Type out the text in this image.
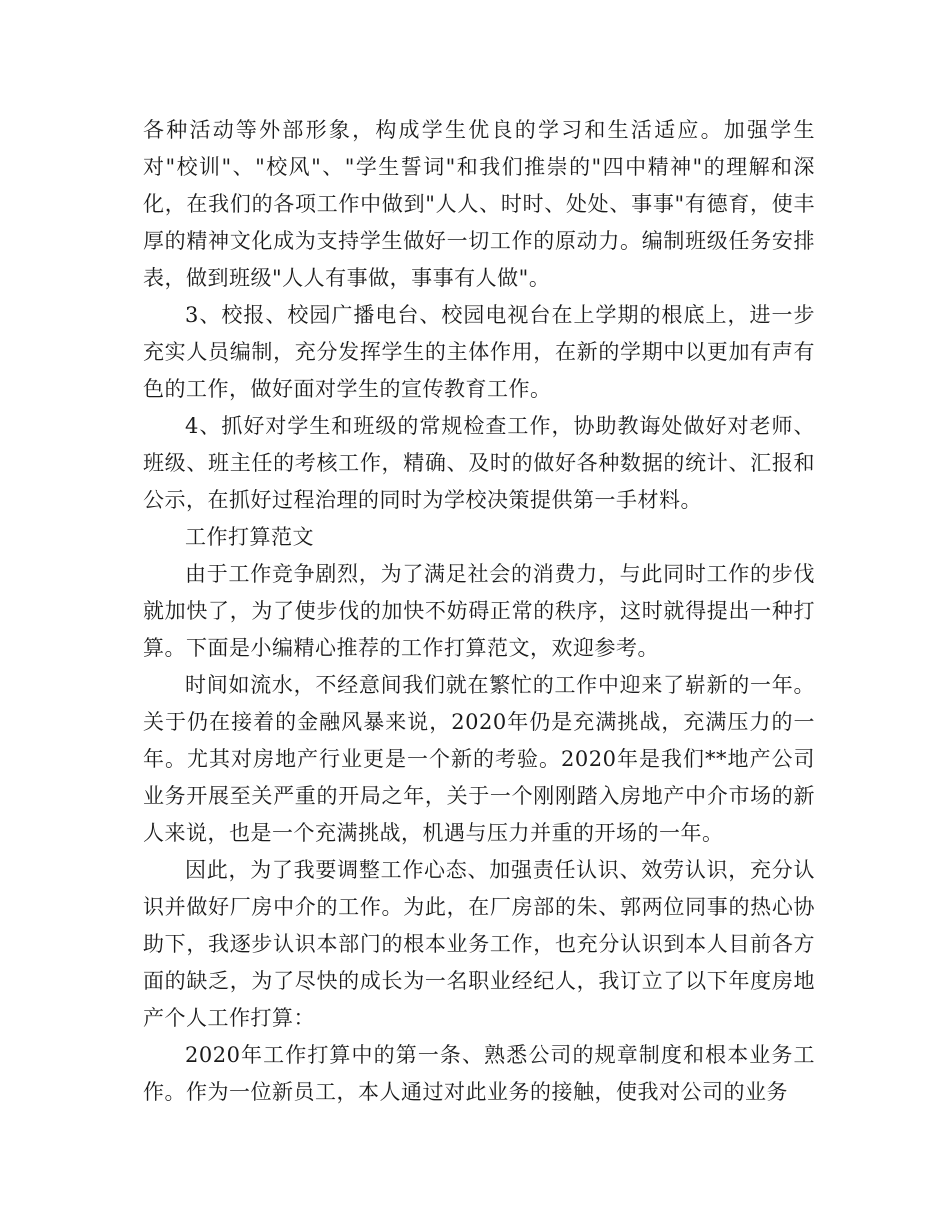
各种活动等外部形象，构成学生优良的学习和生活适应。加强学生对"校训"、"校风"、"学生誓词"和我们推崇的"四中精神"的理解和深化，在我们的各项工作中做到"人人、时时、处处、事事"有德育，使丰厚的精神文化成为支持学生做好一切工作的原动力。编制班级任务安排表，做到班级"人人有事做，事事有人做"。

3、校报、校园广播电台、校园电视台在上学期的根底上，进一步充实人员编制，充分发挥学生的主体作用，在新的学期中以更加有声有色的工作，做好面对学生的宣传教育工作。

4、抓好对学生和班级的常规检查工作，协助教诲处做好对老师、班级、班主任的考核工作，精确、及时的做好各种数据的统计、汇报和公示，在抓好过程治理的同时为学校决策提供第一手材料。

工作打算范文

由于工作竞争剧烈，为了满足社会的消费力，与此同时工作的步伐就加快了，为了使步伐的加快不妨碍正常的秩序，这时就得提出一种打算。下面是小编精心推荐的工作打算范文，欢迎参考。

时间如流水，不经意间我们就在繁忙的工作中迎来了崭新的一年。关于仍在接着的金融风暴来说，2020年仍是充满挑战，充满压力的一年。尤其对房地产行业更是一个新的考验。2020年是我们**地产公司业务开展至关严重的开局之年，关于一个刚刚踏入房地产中介市场的新人来说，也是一个充满挑战，机遇与压力并重的开场的一年。

因此，为了我要调整工作心态、加强责任认识、效劳认识，充分认识并做好厂房中介的工作。为此，在厂房部的朱、郭两位同事的热心协助下，我逐步认识本部门的根本业务工作，也充分认识到本人目前各方面的缺乏，为了尽快的成长为一名职业经纪人，我订立了以下年度房地产个人工作打算：

2020年工作打算中的第一条、熟悉公司的规章制度和根本业务工作。作为一位新员工，本人通过对此业务的接触，使我对公司的业务
